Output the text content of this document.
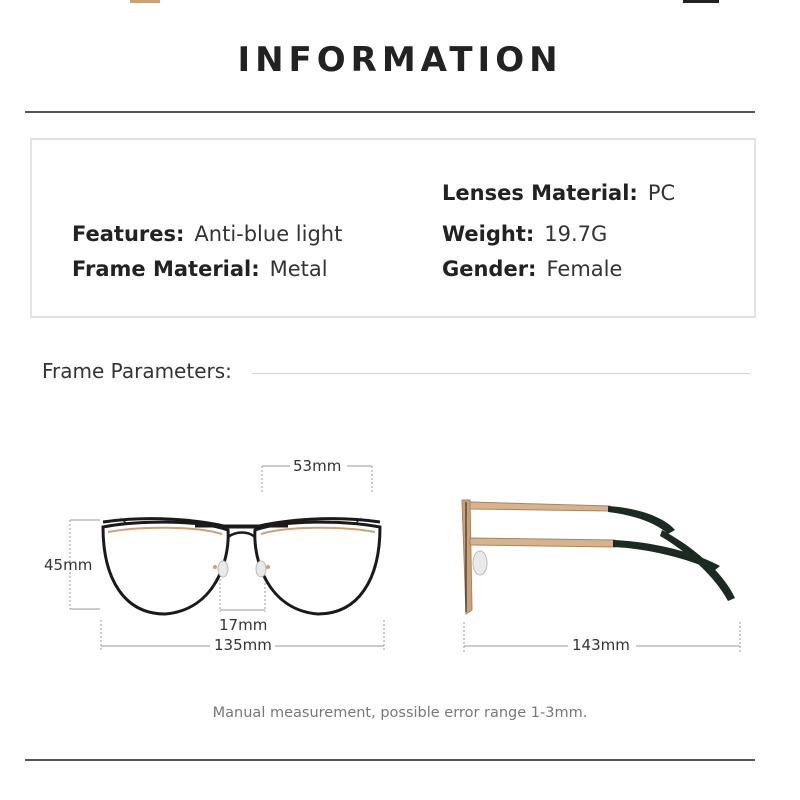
INFORMATION
Lenses Material: PC
Features: Anti-blue light	Weight: 19.7G
Frame Material: Metal	Gender: Female
Frame Parameters:
53mm
45mm
17mm
135mm	143mm
Manual measurement, possible error range 1-3mm.
